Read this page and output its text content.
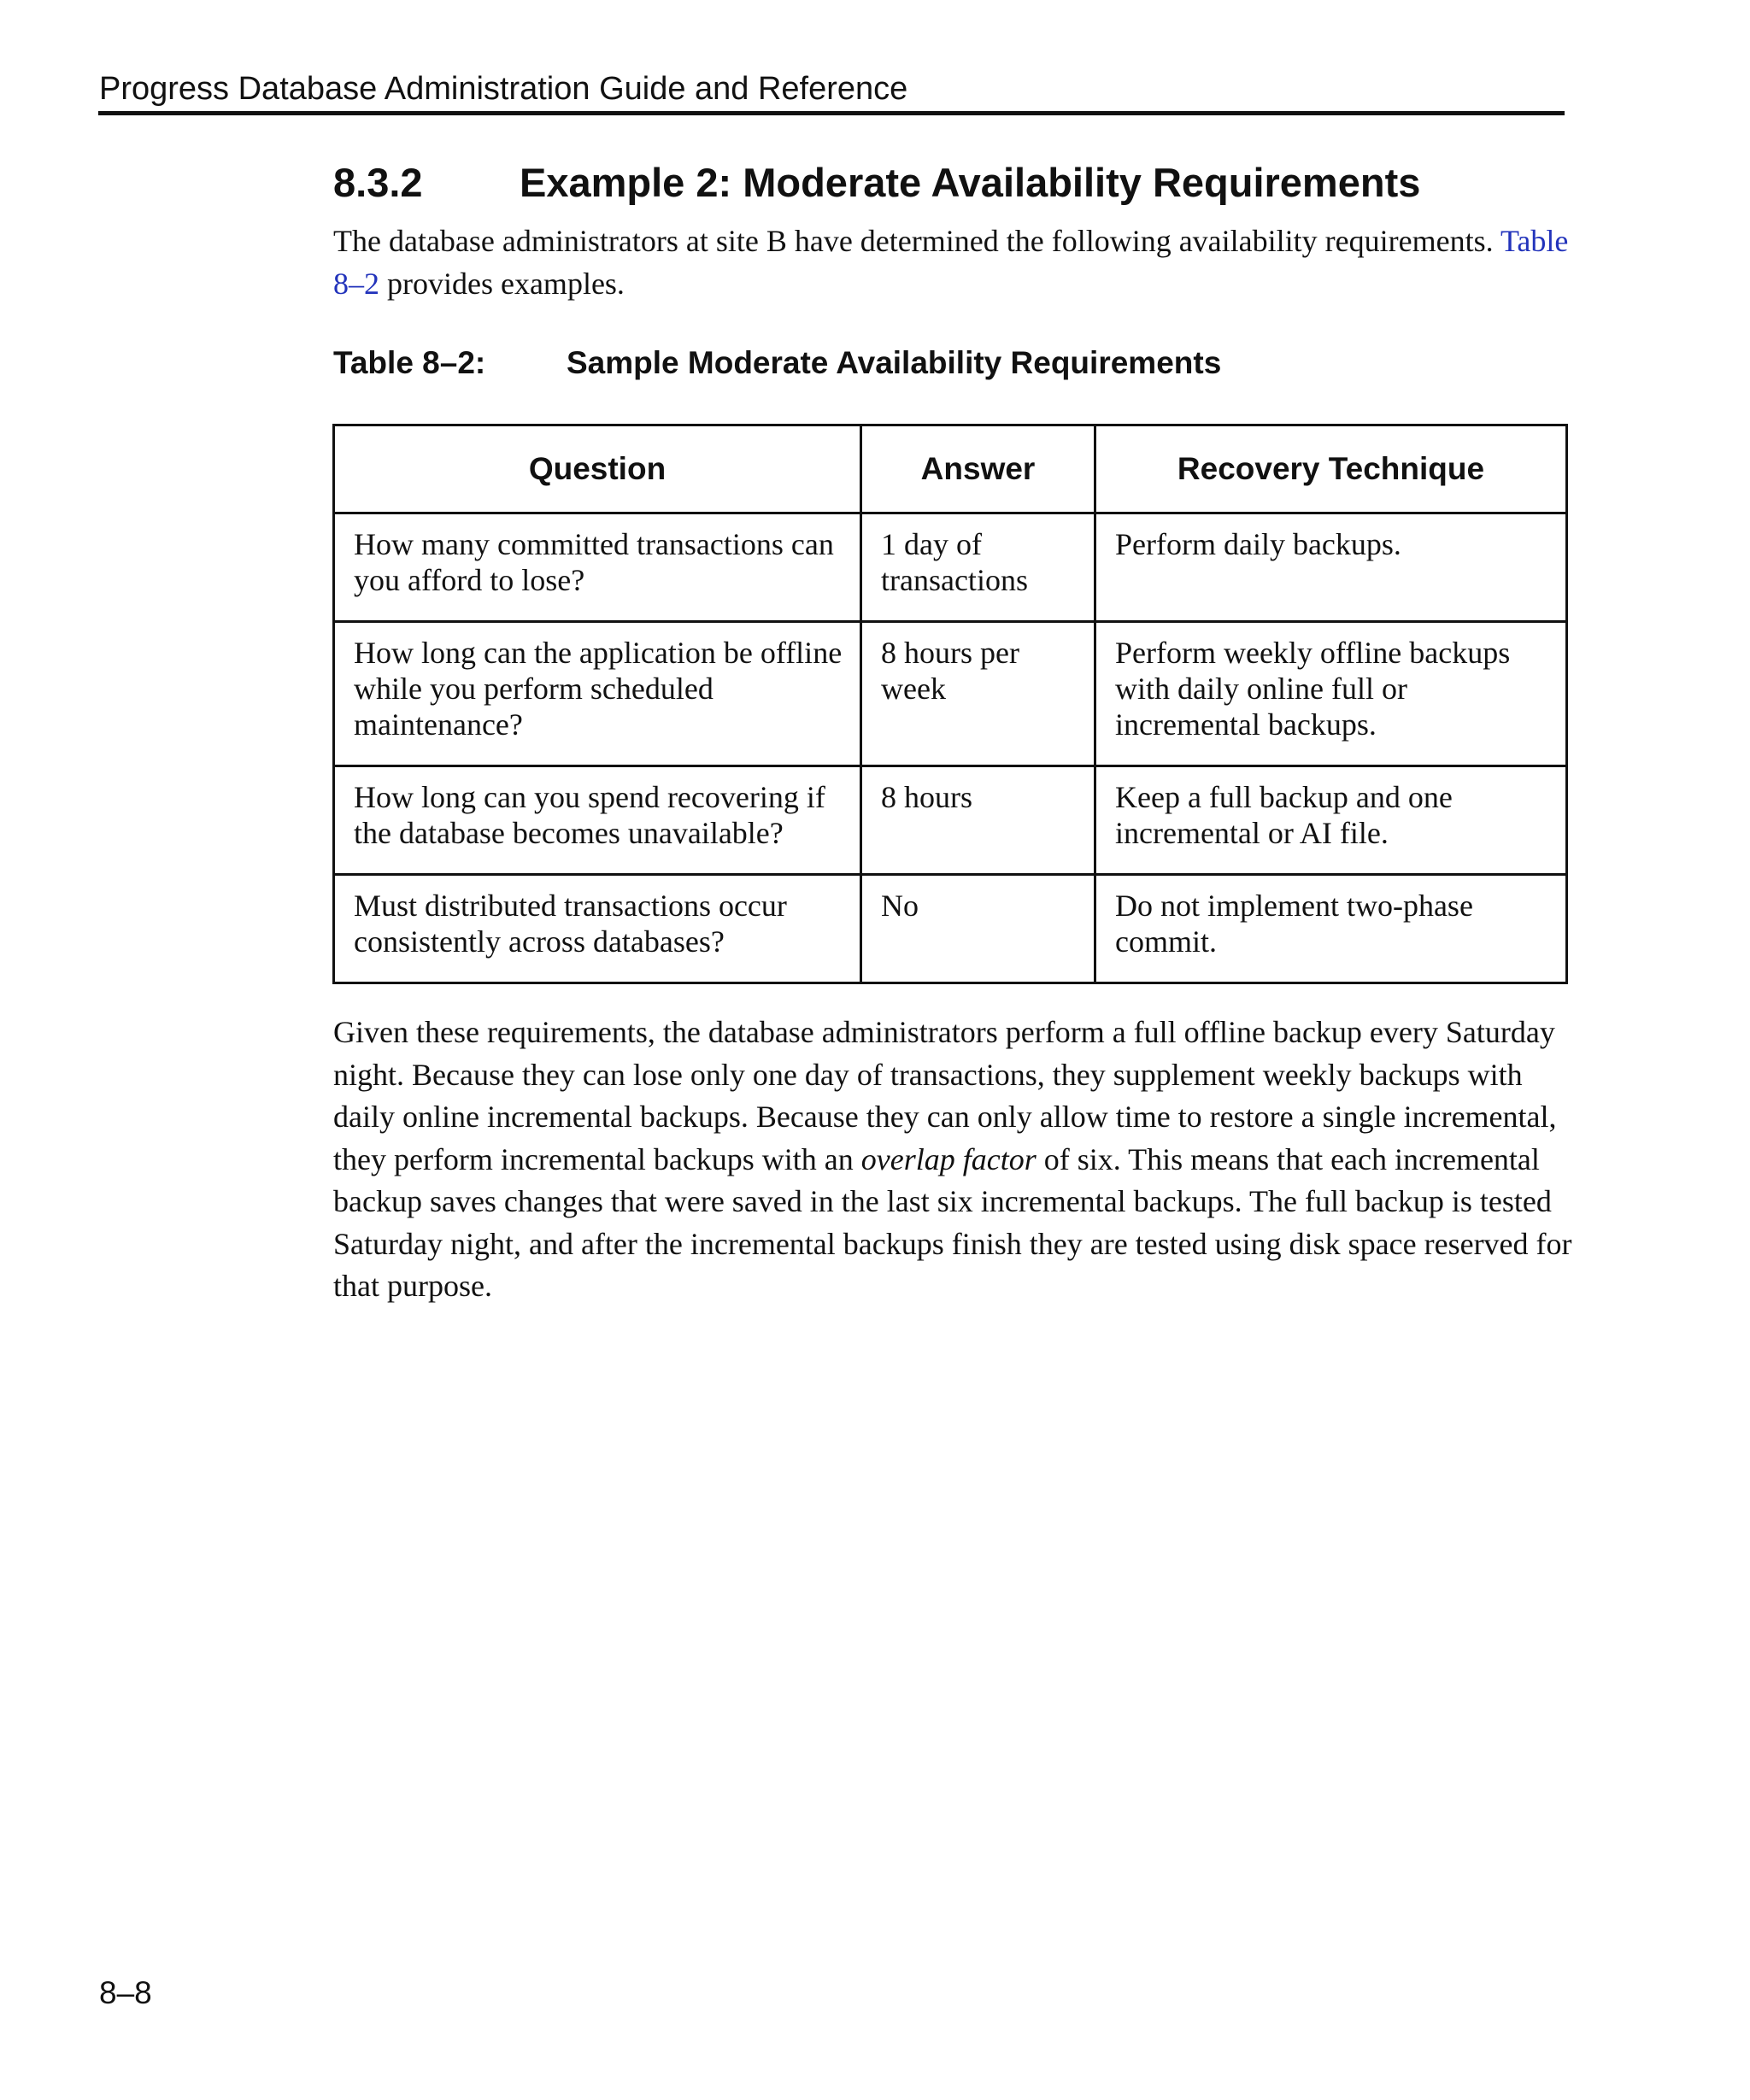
Progress Database Administration Guide and Reference
8.3.2 Example 2: Moderate Availability Requirements

The database administrators at site B have determined the following availability requirements. Table 8–2 provides examples.

Table 8–2:	Sample Moderate Availability Requirements
Question	Answer	Recovery Technique
How many committed transactions can you afford to lose?	1 day of transactions	Perform daily backups.
How long can the application be offline while you perform scheduled maintenance?	8 hours per week	Perform weekly offline backups with daily online full or incremental backups.
How long can you spend recovering if the database becomes unavailable?	8 hours	Keep a full backup and one incremental or AI file.
Must distributed transactions occur consistently across databases?	No	Do not implement two-phase commit.

Given these requirements, the database administrators perform a full offline backup every Saturday night. Because they can lose only one day of transactions, they supplement weekly backups with daily online incremental backups. Because they can only allow time to restore a single incremental, they perform incremental backups with an overlap factor of six. This means that each incremental backup saves changes that were saved in the last six incremental backups. The full backup is tested Saturday night, and after the incremental backups finish they are tested using disk space reserved for that purpose.

8–8
